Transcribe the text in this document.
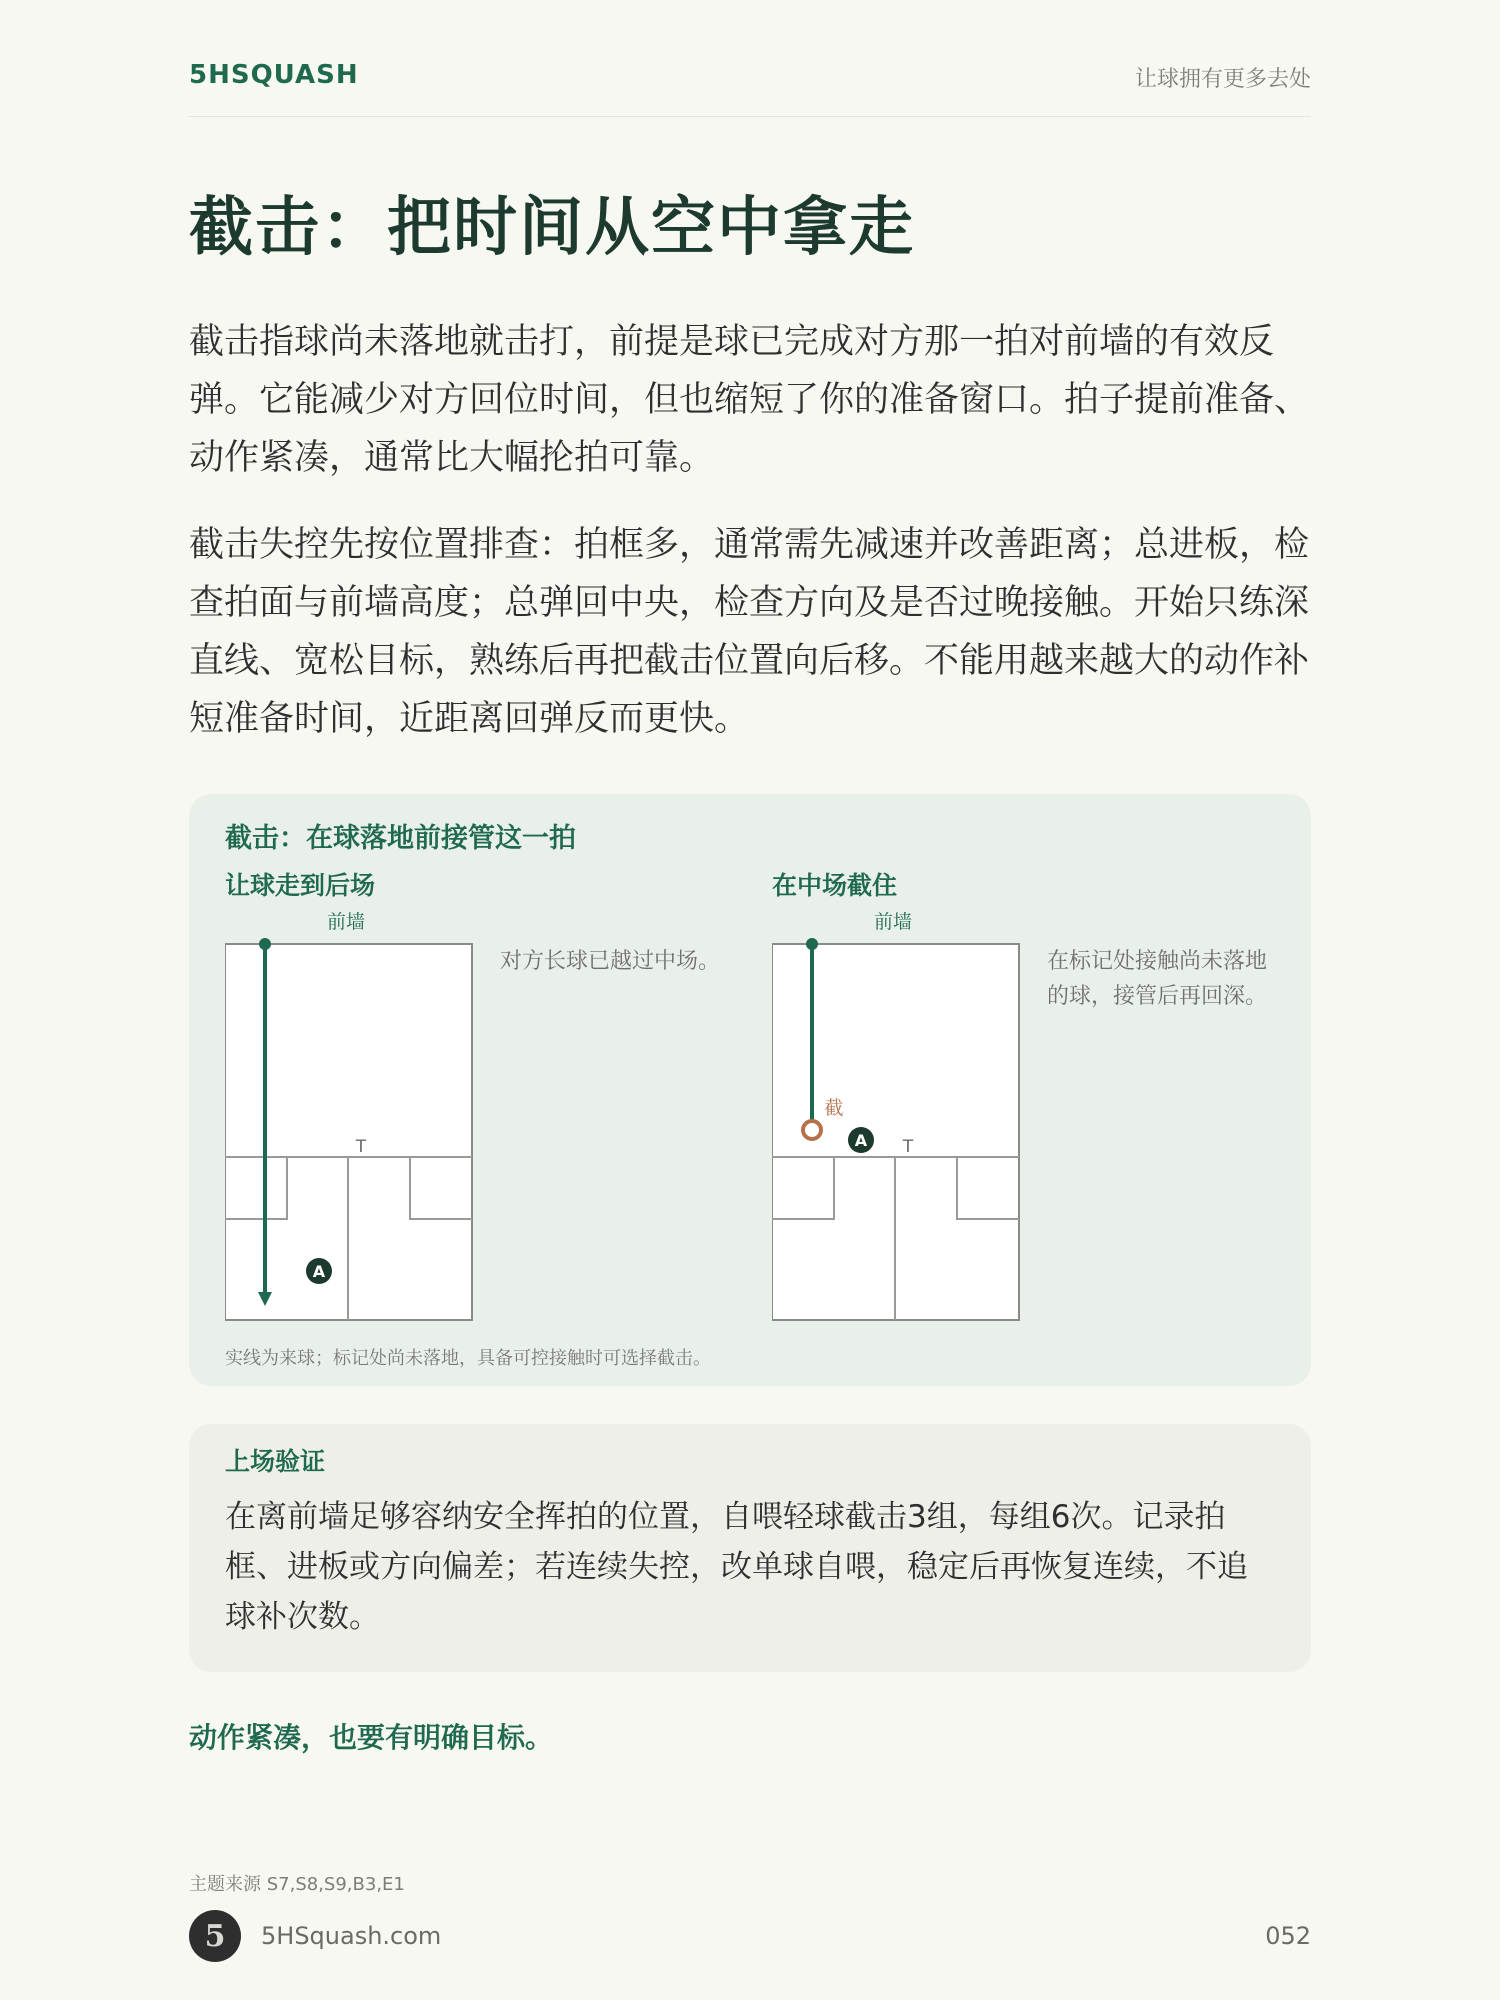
5HSQUASH	让球拥有更多去处
截击：把时间从空中拿走

截击指球尚未落地就击打，前提是球已完成对方那一拍对前墙的有效反弹。它能减少对方回位时间，但也缩短了你的准备窗口。拍子提前准备、动作紧凑，通常比大幅抡拍可靠。

截击失控先按位置排查：拍框多，通常需先减速并改善距离；总进板，检查拍面与前墙高度；总弹回中央，检查方向及是否过晚接触。开始只练深直线、宽松目标，熟练后再把截击位置向后移。不能用越来越大的动作补短准备时间，近距离回弹反而更快。

截击：在球落地前接管这一拍
让球走到后场
前墙
T
A
对方长球已越过中场。
在中场截住
前墙
T
截
A
在标记处接触尚未落地的球，接管后再回深。
实线为来球；标记处尚未落地，具备可控接触时可选择截击。
上场验证

在离前墙足够容纳安全挥拍的位置，自喂轻球截击3组，每组6次。记录拍框、进板或方向偏差；若连续失控，改单球自喂，稳定后再恢复连续，不追球补次数。

动作紧凑，也要有明确目标。
主题来源 S7,S8,S9,B3,E1
5	5HSquash.com	052
